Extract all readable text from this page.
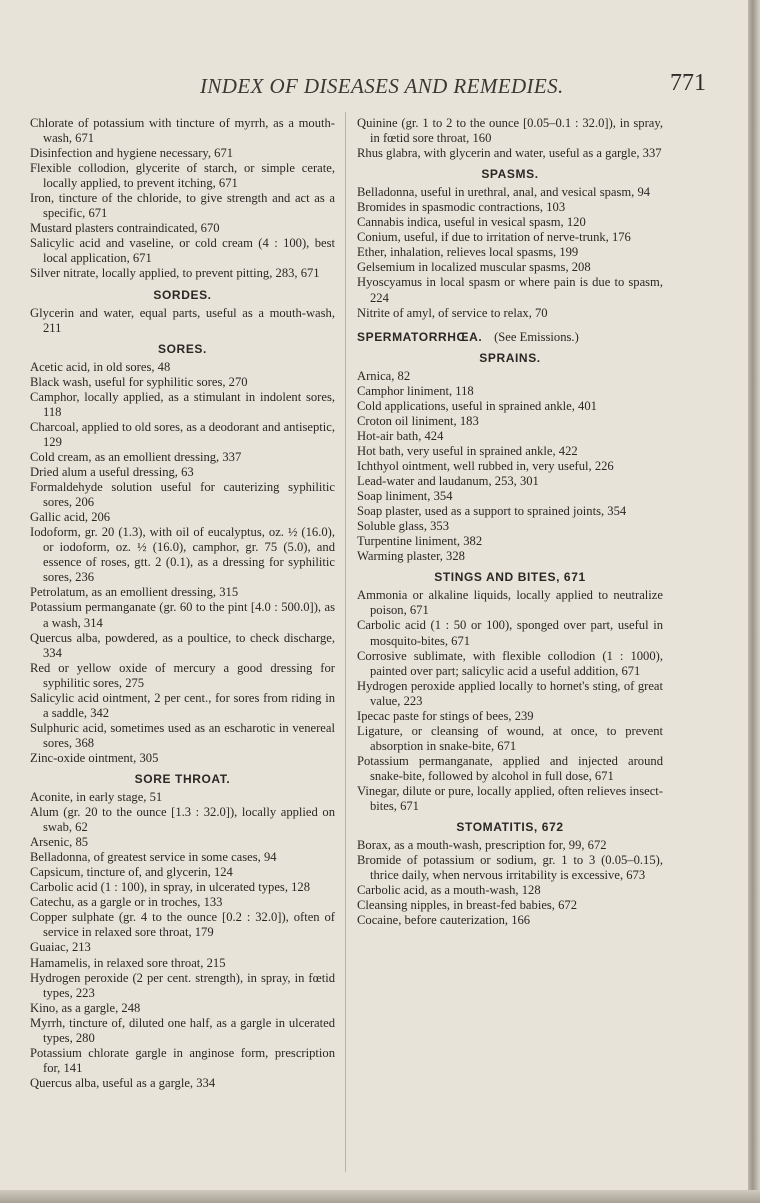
INDEX OF DISEASES AND REMEDIES.	771
Chlorate of potassium with tincture of myrrh, as a mouth-wash, 671
Disinfection and hygiene necessary, 671
Flexible collodion, glycerite of starch, or simple cerate, locally applied, to prevent itching, 671
Iron, tincture of the chloride, to give strength and act as a specific, 671
Mustard plasters contraindicated, 670
Salicylic acid and vaseline, or cold cream (4 : 100), best local application, 671
Silver nitrate, locally applied, to prevent pitting, 283, 671
SORDES.
Glycerin and water, equal parts, useful as a mouth-wash, 211
SORES.
Acetic acid, in old sores, 48
Black wash, useful for syphilitic sores, 270
Camphor, locally applied, as a stimulant in indolent sores, 118
Charcoal, applied to old sores, as a deodorant and antiseptic, 129
Cold cream, as an emollient dressing, 337
Dried alum a useful dressing, 63
Formaldehyde solution useful for cauterizing syphilitic sores, 206
Gallic acid, 206
Iodoform, gr. 20 (1.3), with oil of eucalyptus, oz. ½ (16.0), or iodoform, oz. ½ (16.0), camphor, gr. 75 (5.0), and essence of roses, gtt. 2 (0.1), as a dressing for syphilitic sores, 236
Petrolatum, as an emollient dressing, 315
Potassium permanganate (gr. 60 to the pint [4.0 : 500.0]), as a wash, 314
Quercus alba, powdered, as a poultice, to check discharge, 334
Red or yellow oxide of mercury a good dressing for syphilitic sores, 275
Salicylic acid ointment, 2 per cent., for sores from riding in a saddle, 342
Sulphuric acid, sometimes used as an escharotic in venereal sores, 368
Zinc-oxide ointment, 305
SORE THROAT.
Aconite, in early stage, 51
Alum (gr. 20 to the ounce [1.3 : 32.0]), locally applied on swab, 62
Arsenic, 85
Belladonna, of greatest service in some cases, 94
Capsicum, tincture of, and glycerin, 124
Carbolic acid (1 : 100), in spray, in ulcerated types, 128
Catechu, as a gargle or in troches, 133
Copper sulphate (gr. 4 to the ounce [0.2 : 32.0]), often of service in relaxed sore throat, 179
Guaiac, 213
Hamamelis, in relaxed sore throat, 215
Hydrogen peroxide (2 per cent. strength), in spray, in fœtid types, 223
Kino, as a gargle, 248
Myrrh, tincture of, diluted one half, as a gargle in ulcerated types, 280
Potassium chlorate gargle in anginose form, prescription for, 141
Quercus alba, useful as a gargle, 334
Quinine (gr. 1 to 2 to the ounce [0.05–0.1 : 32.0]), in spray, in fœtid sore throat, 160
Rhus glabra, with glycerin and water, useful as a gargle, 337
SPASMS.
Belladonna, useful in urethral, anal, and vesical spasm, 94
Bromides in spasmodic contractions, 103
Cannabis indica, useful in vesical spasm, 120
Conium, useful, if due to irritation of nerve-trunk, 176
Ether, inhalation, relieves local spasms, 199
Gelsemium in localized muscular spasms, 208
Hyoscyamus in local spasm or where pain is due to spasm, 224
Nitrite of amyl, of service to relax, 70
SPERMATORRHŒA. (See Emissions.)
SPRAINS.
Arnica, 82
Camphor liniment, 118
Cold applications, useful in sprained ankle, 401
Croton oil liniment, 183
Hot-air bath, 424
Hot bath, very useful in sprained ankle, 422
Ichthyol ointment, well rubbed in, very useful, 226
Lead-water and laudanum, 253, 301
Soap liniment, 354
Soap plaster, used as a support to sprained joints, 354
Soluble glass, 353
Turpentine liniment, 382
Warming plaster, 328
STINGS AND BITES, 671
Ammonia or alkaline liquids, locally applied to neutralize poison, 671
Carbolic acid (1 : 50 or 100), sponged over part, useful in mosquito-bites, 671
Corrosive sublimate, with flexible collodion (1 : 1000), painted over part; salicylic acid a useful addition, 671
Hydrogen peroxide applied locally to hornet's sting, of great value, 223
Ipecac paste for stings of bees, 239
Ligature, or cleansing of wound, at once, to prevent absorption in snake-bite, 671
Potassium permanganate, applied and injected around snake-bite, followed by alcohol in full dose, 671
Vinegar, dilute or pure, locally applied, often relieves insect-bites, 671
STOMATITIS, 672
Borax, as a mouth-wash, prescription for, 99, 672
Bromide of potassium or sodium, gr. 1 to 3 (0.05–0.15), thrice daily, when nervous irritability is excessive, 673
Carbolic acid, as a mouth-wash, 128
Cleansing nipples, in breast-fed babies, 672
Cocaine, before cauterization, 166
